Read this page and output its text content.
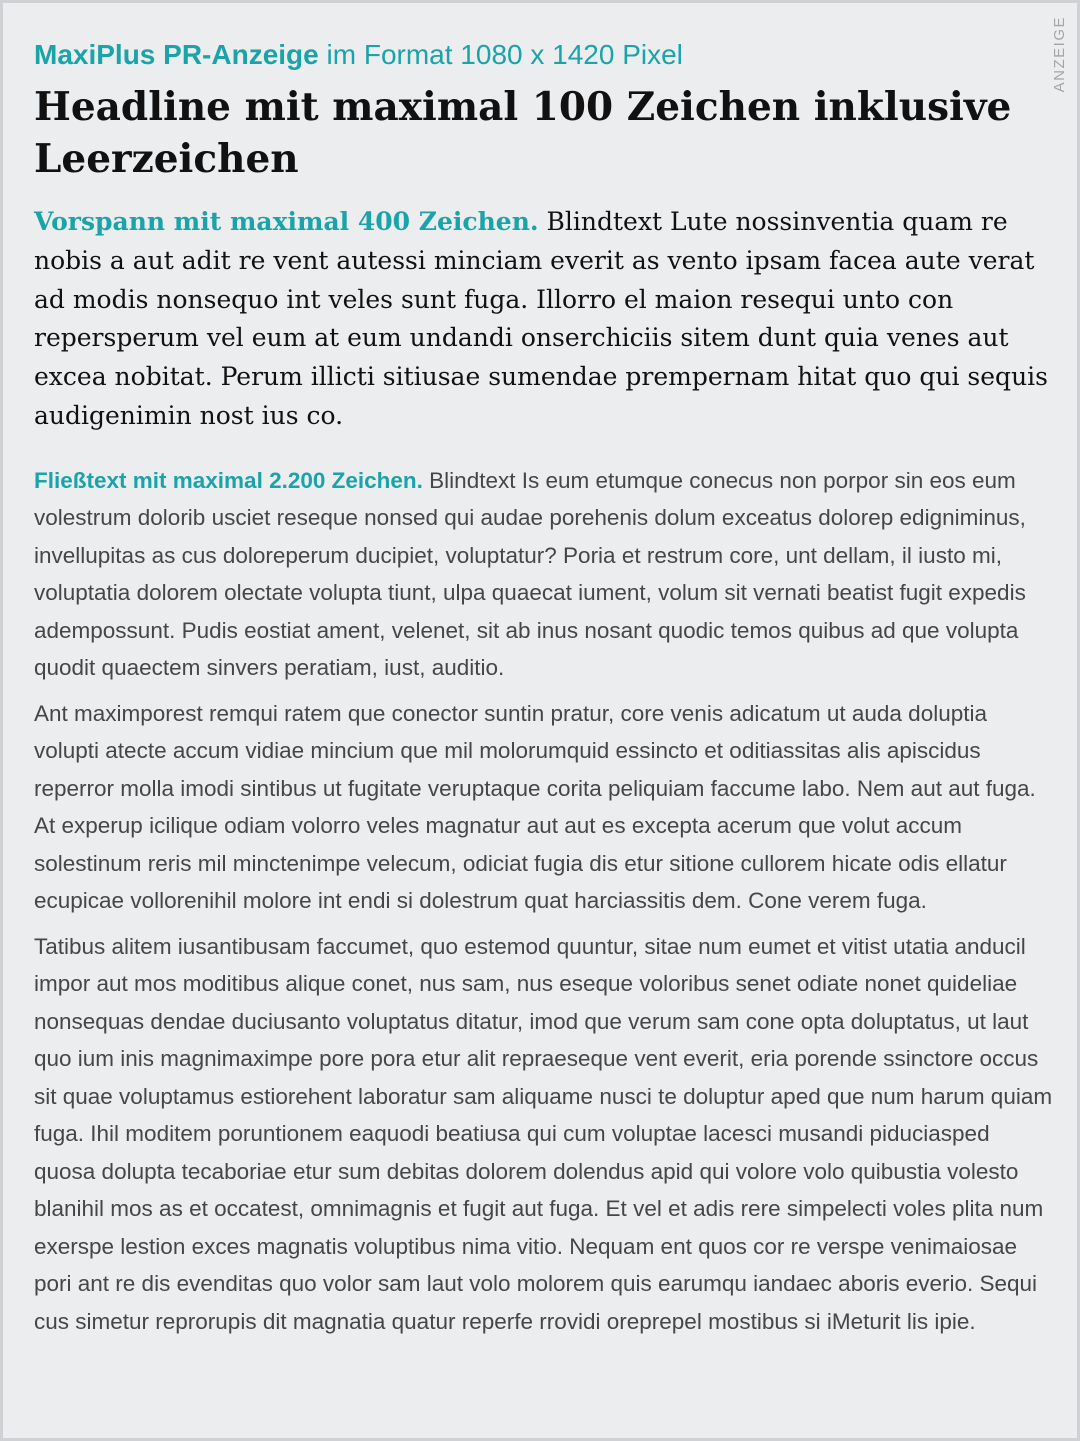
ANZEIGE

MaxiPlus PR-Anzeige im Format 1080 x 1420 Pixel

Headline mit maximal 100 Zeichen inklusive Leerzeichen

Vorspann mit maximal 400 Zeichen. Blindtext Lute nossinventia quam re nobis a aut adit re vent autessi minciam everit as vento ipsam facea aute verat ad modis nonsequo int veles sunt fuga. Illorro el maion resequi unto con repersperum vel eum at eum undandi onserchiciis sitem dunt quia venes aut excea nobitat. Perum illicti sitiusae sumendae prempernam hitat quo qui sequis audigenimin nost ius co.

Fließtext mit maximal 2.200 Zeichen. Blindtext Is eum etumque conecus non porpor sin eos eum volestrum dolorib usciet reseque nonsed qui audae porehenis dolum exceatus dolorep edigniminus, invellupitas as cus doloreperum ducipiet, voluptatur? Poria et restrum core, unt dellam, il iusto mi, voluptatia dolorem olectate volupta tiunt, ulpa quaecat iument, volum sit vernati beatist fugit expedis adempossunt. Pudis eostiat ament, velenet, sit ab inus nosant quodic temos quibus ad que volupta quodit quaectem sinvers peratiam, iust, auditio.

Ant maximporest remqui ratem que conector suntin pratur, core venis adicatum ut auda doluptia volupti atecte accum vidiae mincium que mil molorumquid essincto et oditiassitas alis apiscidus reperror molla imodi sintibus ut fugitate veruptaque corita peliquiam faccume labo. Nem aut aut fuga. At experup icilique odiam volorro veles magnatur aut aut es excepta acerum que volut accum solestinum reris mil minctenimpe velecum, odiciat fugia dis etur sitione cullorem hicate odis ellatur ecupicae vollorenihil molore int endi si dolestrum quat harciassitis dem. Cone verem fuga.

Tatibus alitem iusantibusam faccumet, quo estemod quuntur, sitae num eumet et vitist utatia anducil impor aut mos moditibus alique conet, nus sam, nus eseque voloribus senet odiate nonet quideliae nonsequas dendae duciusanto voluptatus ditatur, imod que verum sam cone opta doluptatus, ut laut quo ium inis magnimaximpe pore pora etur alit repraeseque vent everit, eria porende ssinctore occus sit quae voluptamus estiorehent laboratur sam aliquame nusci te doluptur aped que num harum quiam fuga. Ihil moditem poruntionem eaquodi beatiusa qui cum voluptae lacesci musandi piduciasped quosa dolupta tecaboriae etur sum debitas dolorem dolendus apid qui volore volo quibustia volesto blanihil mos as et occatest, omnimagnis et fugit aut fuga. Et vel et adis rere simpelecti voles plita num exerspe lestion exces magnatis voluptibus nima vitio. Nequam ent quos cor re verspe venimaiosae pori ant re dis evenditas quo volor sam laut volo molorem quis earumqu iandaec aboris everio. Sequi cus simetur reprorupis dit magnatia quatur reperfe rrovidi oreprepel mostibus si iMeturit lis ipie.
